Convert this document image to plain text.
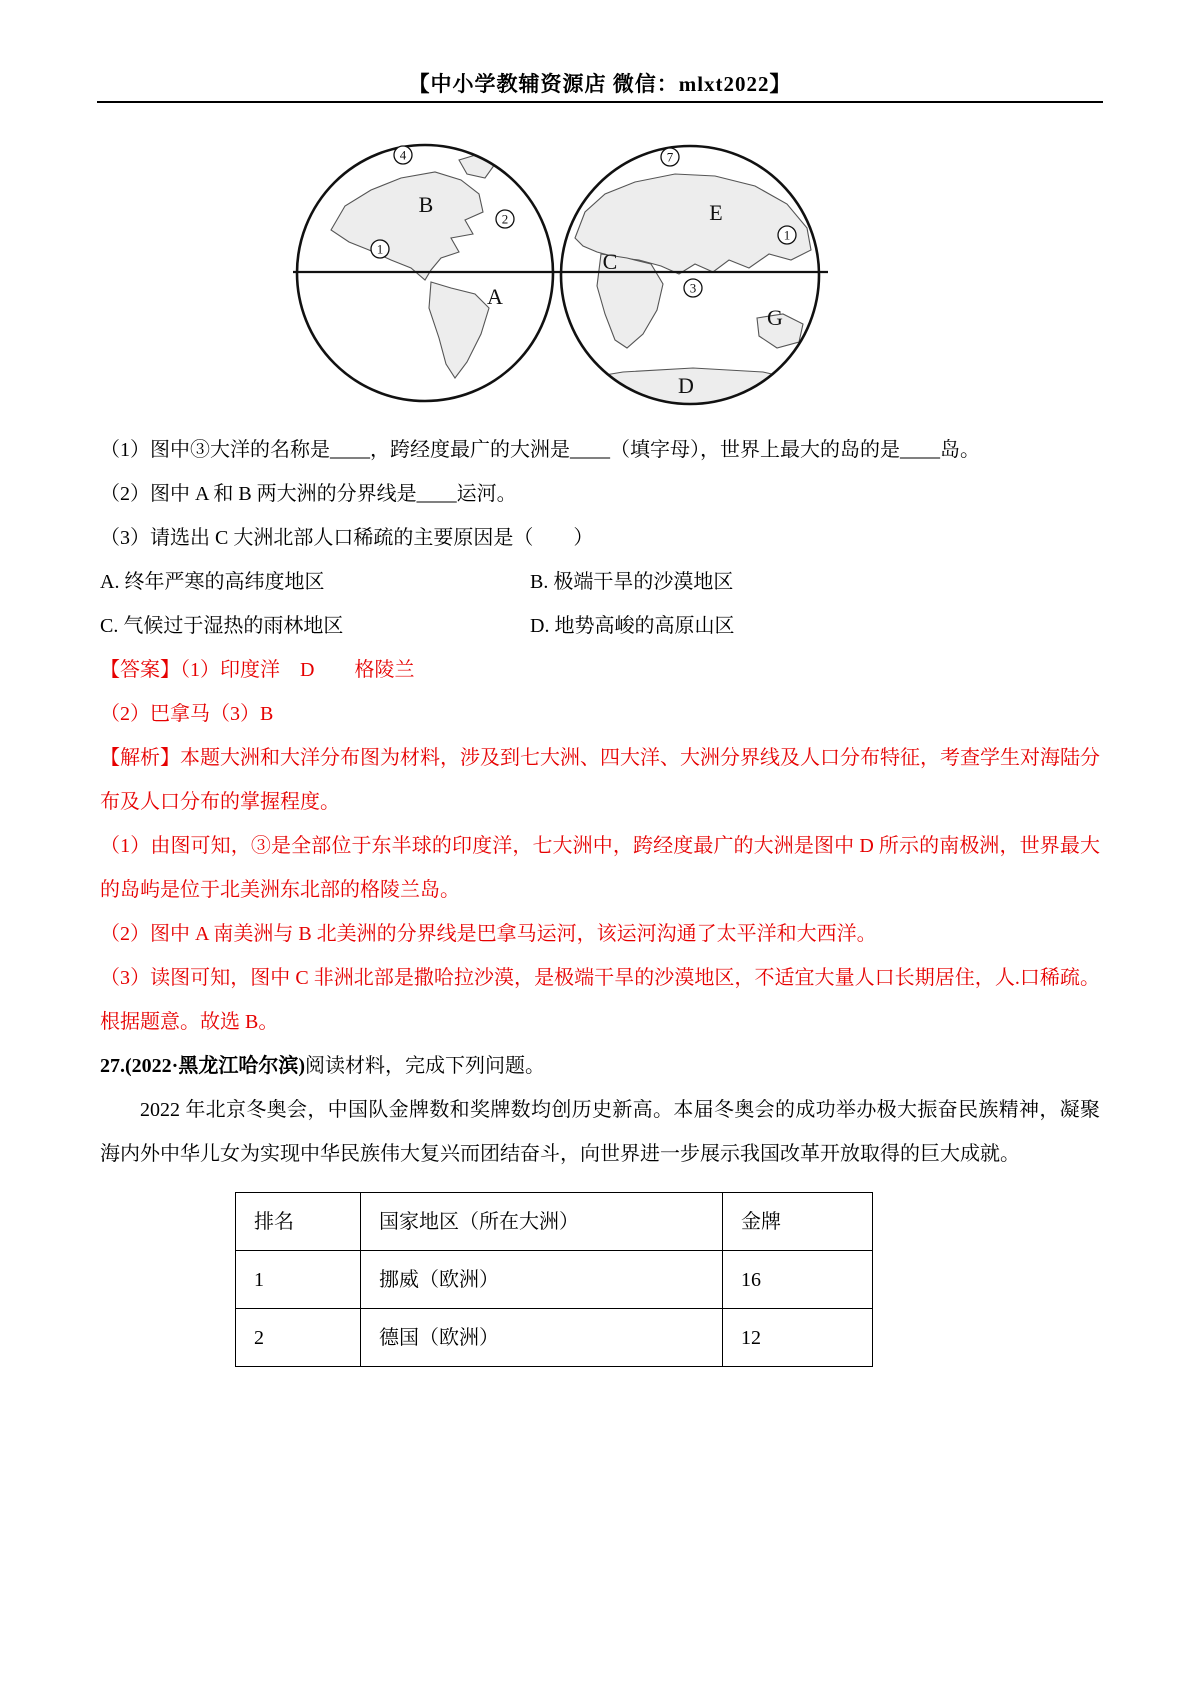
【中小学教辅资源店 微信：mlxt2022】
B
A
E
C
G
D
4
2
1
7
1
3
（1）图中③大洋的名称是____，跨经度最广的大洲是____（填字母），世界上最大的岛的是____岛。
（2）图中 A 和 B 两大洲的分界线是____运河。
（3）请选出 C 大洲北部人口稀疏的主要原因是（　　）
A. 终年严寒的高纬度地区	B. 极端干旱的沙漠地区
C. 气候过于湿热的雨林地区	D. 地势高峻的高原山区
【答案】（1）印度洋　D　　格陵兰
（2）巴拿马（3）B
【解析】本题大洲和大洋分布图为材料，涉及到七大洲、四大洋、大洲分界线及人口分布特征，考查学生对海陆分布及人口分布的掌握程度。
（1）由图可知，③是全部位于东半球的印度洋，七大洲中，跨经度最广的大洲是图中 D 所示的南极洲，世界最大的岛屿是位于北美洲东北部的格陵兰岛。
（2）图中 A 南美洲与 B 北美洲的分界线是巴拿马运河，该运河沟通了太平洋和大西洋。
（3）读图可知，图中 C 非洲北部是撒哈拉沙漠，是极端干旱的沙漠地区，不适宜大量人口长期居住，人.口稀疏。根据题意。故选 B。
27.(2022·黑龙江哈尔滨)阅读材料，完成下列问题。
2022 年北京冬奥会，中国队金牌数和奖牌数均创历史新高。本届冬奥会的成功举办极大振奋民族精神，凝聚海内外中华儿女为实现中华民族伟大复兴而团结奋斗，向世界进一步展示我国改革开放取得的巨大成就。
排名	国家地区（所在大洲）	金牌
1	挪威（欧洲）	16
2	德国（欧洲）	12
